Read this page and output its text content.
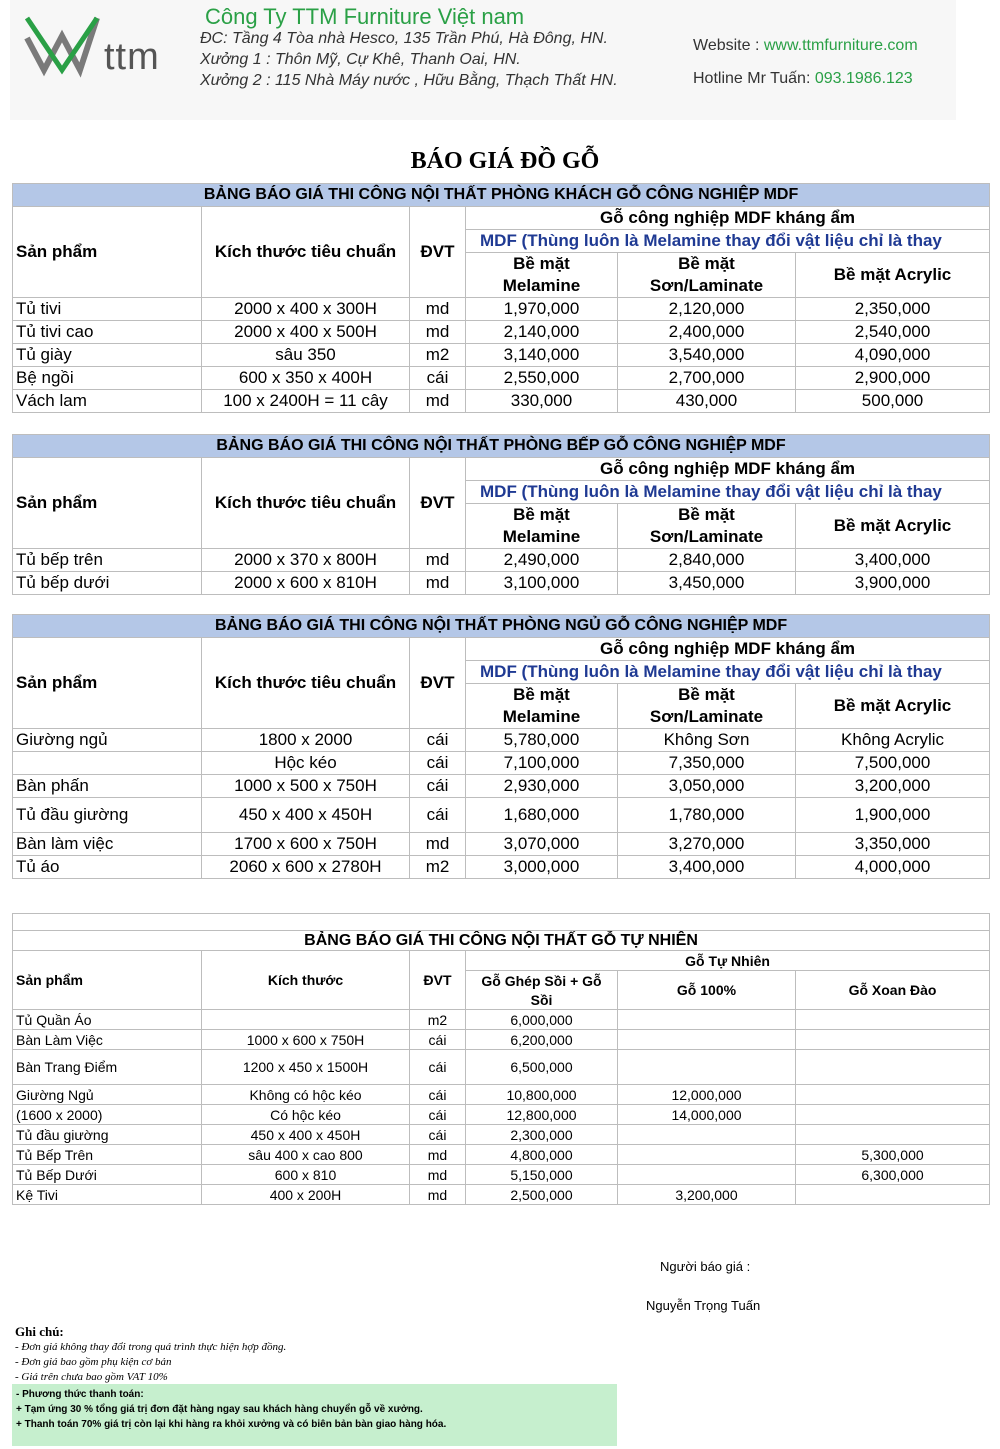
ttm
Công Ty TTM Furniture Việt nam
ĐC: Tầng 4 Tòa nhà Hesco, 135 Trần Phú, Hà Đông, HN.
Xưởng 1 : Thôn Mỹ, Cự Khê, Thanh Oai, HN.
Xưởng 2 : 115 Nhà Máy nước , Hữu Bằng, Thạch Thất HN.
Website : www.ttmfurniture.com
Hotline Mr Tuấn: 093.1986.123
BÁO GIÁ ĐỒ GỖ
BẢNG BÁO GIÁ THI CÔNG NỘI THẤT PHÒNG KHÁCH GỖ CÔNG NGHIỆP MDF					
Sản phẩm	Kích thước tiêu chuẩn	ĐVT	Gỗ công nghiệp MDF kháng ẩm		
			MDF (Thùng luôn là Melamine thay đổi vật liệu chỉ là thay		
			Bề mặt	Bề mặt	Bề mặt Acrylic
			Melamine	Sơn/Laminate	
Tủ tivi	2000 x 400 x 300H	md	1,970,000	2,120,000	2,350,000
Tủ tivi cao	2000 x 400 x 500H	md	2,140,000	2,400,000	2,540,000
Tủ giày	sâu 350	m2	3,140,000	3,540,000	4,090,000
Bệ ngồi	600 x 350 x 400H	cái	2,550,000	2,700,000	2,900,000
Vách lam	100 x 2400H = 11 cây	md	330,000	430,000	500,000
BẢNG BÁO GIÁ THI CÔNG NỘI THẤT PHÒNG BẾP GỖ CÔNG NGHIỆP MDF					
Sản phẩm	Kích thước tiêu chuẩn	ĐVT	Gỗ công nghiệp MDF kháng ẩm		
			MDF (Thùng luôn là Melamine thay đổi vật liệu chỉ là thay		
			Bề mặt	Bề mặt	Bề mặt Acrylic
			Melamine	Sơn/Laminate	
Tủ bếp trên	2000 x 370 x 800H	md	2,490,000	2,840,000	3,400,000
Tủ bếp dưới	2000 x 600 x 810H	md	3,100,000	3,450,000	3,900,000
BẢNG BÁO GIÁ THI CÔNG NỘI THẤT PHÒNG NGỦ GỖ CÔNG NGHIỆP MDF					
Sản phẩm	Kích thước tiêu chuẩn	ĐVT	Gỗ công nghiệp MDF kháng ẩm		
			MDF (Thùng luôn là Melamine thay đổi vật liệu chỉ là thay		
			Bề mặt	Bề mặt	Bề mặt Acrylic
			Melamine	Sơn/Laminate	
Giường ngủ	1800 x 2000	cái	5,780,000	Không Sơn	Không Acrylic
	Hộc kéo	cái	7,100,000	7,350,000	7,500,000
Bàn phấn	1000 x 500 x 750H	cái	2,930,000	3,050,000	3,200,000
Tủ đầu giường	450 x 400 x 450H	cái	1,680,000	1,780,000	1,900,000
Bàn làm việc	1700 x 600 x 750H	md	3,070,000	3,270,000	3,350,000
Tủ áo	2060 x 600 x 2780H	m2	3,000,000	3,400,000	4,000,000

BẢNG BÁO GIÁ THI CÔNG NỘI THẤT GỖ TỰ NHIÊN					
Sản phẩm	Kích thước	ĐVT	Gỗ Tự Nhiên		
			Gỗ Ghép Sồi + Gỗ	Gỗ 100%	Gỗ Xoan Đào
			Sồi		
Tủ Quần Áo		m2	6,000,000		
Bàn Làm Việc	1000 x 600 x 750H	cái	6,200,000		
Bàn Trang Điểm	1200 x 450 x 1500H	cái	6,500,000		
Giường Ngủ	Không có hộc kéo	cái	10,800,000	12,000,000	
(1600 x 2000)	Có hộc kéo	cái	12,800,000	14,000,000	
Tủ đầu giường	450 x 400 x 450H	cái	2,300,000		
Tủ Bếp Trên	sâu 400 x cao 800	md	4,800,000		5,300,000
Tủ Bếp Dưới	600 x 810	md	5,150,000		6,300,000
Kệ Tivi	400 x 200H	md	2,500,000	3,200,000	
Người báo giá :
Nguyễn Trọng Tuấn
Ghi chú:
- Đơn giá không thay đổi trong quá trình thực hiện hợp đồng.
- Đơn giá bao gồm phụ kiện cơ bản
- Giá trên chưa bao gồm VAT 10%
- Phương thức thanh toán:
+ Tạm ứng 30 % tổng giá trị đơn đặt hàng ngay sau khách hàng chuyển gỗ về xưởng.
+ Thanh toán 70% giá trị còn lại khi hàng ra khỏi xưởng và có biên bản bàn giao hàng hóa.
